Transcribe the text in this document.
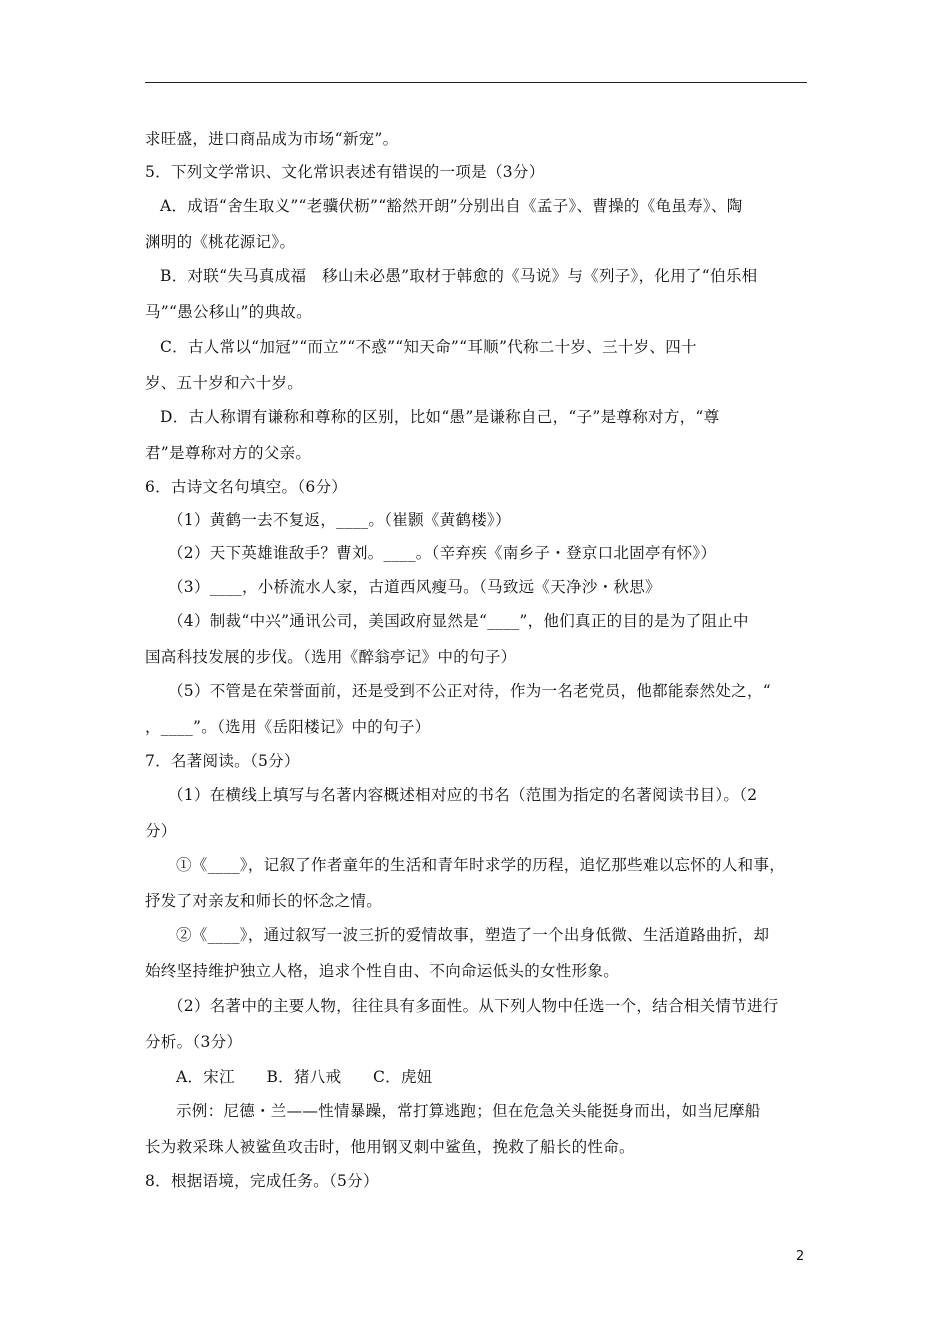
求旺盛，进口商品成为市场“新宠”。
5．下列文学常识、文化常识表述有错误的一项是（3分）
A．成语“舍生取义”“老骥伏枥”“豁然开朗”分别出自《孟子》、曹操的《龟虽寿》、陶
渊明的《桃花源记》。
B．对联“失马真成福　移山未必愚”取材于韩愈的《马说》与《列子》，化用了“伯乐相
马”“愚公移山”的典故。
C．古人常以“加冠”“而立”“不惑”“知天命”“耳顺”代称二十岁、三十岁、四十
岁、五十岁和六十岁。
D．古人称谓有谦称和尊称的区别，比如“愚”是谦称自己，“子”是尊称对方，“尊
君”是尊称对方的父亲。
6．古诗文名句填空。（6分）
（1）黄鹤一去不复返，____。（崔颢《黄鹤楼》）
（2）天下英雄谁敌手？曹刘。____。（辛弃疾《南乡子・登京口北固亭有怀》）
（3）____，小桥流水人家，古道西风瘦马。（马致远《天净沙・秋思》
（4）制裁“中兴”通讯公司，美国政府显然是“____”，他们真正的目的是为了阻止中
国高科技发展的步伐。（选用《醉翁亭记》中的句子）
（5）不管是在荣誉面前，还是受到不公正对待，作为一名老党员，他都能泰然处之，“
，____”。（选用《岳阳楼记》中的句子）
7．名著阅读。（5分）
（1）在横线上填写与名著内容概述相对应的书名（范围为指定的名著阅读书目）。（2
分）
①《____》，记叙了作者童年的生活和青年时求学的历程，追忆那些难以忘怀的人和事，
抒发了对亲友和师长的怀念之情。
②《____》，通过叙写一波三折的爱情故事，塑造了一个出身低微、生活道路曲折，却
始终坚持维护独立人格，追求个性自由、不向命运低头的女性形象。
（2）名著中的主要人物，往往具有多面性。从下列人物中任选一个，结合相关情节进行
分析。（3分）
A．宋江　　B．猪八戒　　C．虎妞
示例：尼德・兰——性情暴躁，常打算逃跑；但在危急关头能挺身而出，如当尼摩船
长为救采珠人被鲨鱼攻击时，他用钢叉刺中鲨鱼，挽救了船长的性命。
8．根据语境，完成任务。（5分）
2
